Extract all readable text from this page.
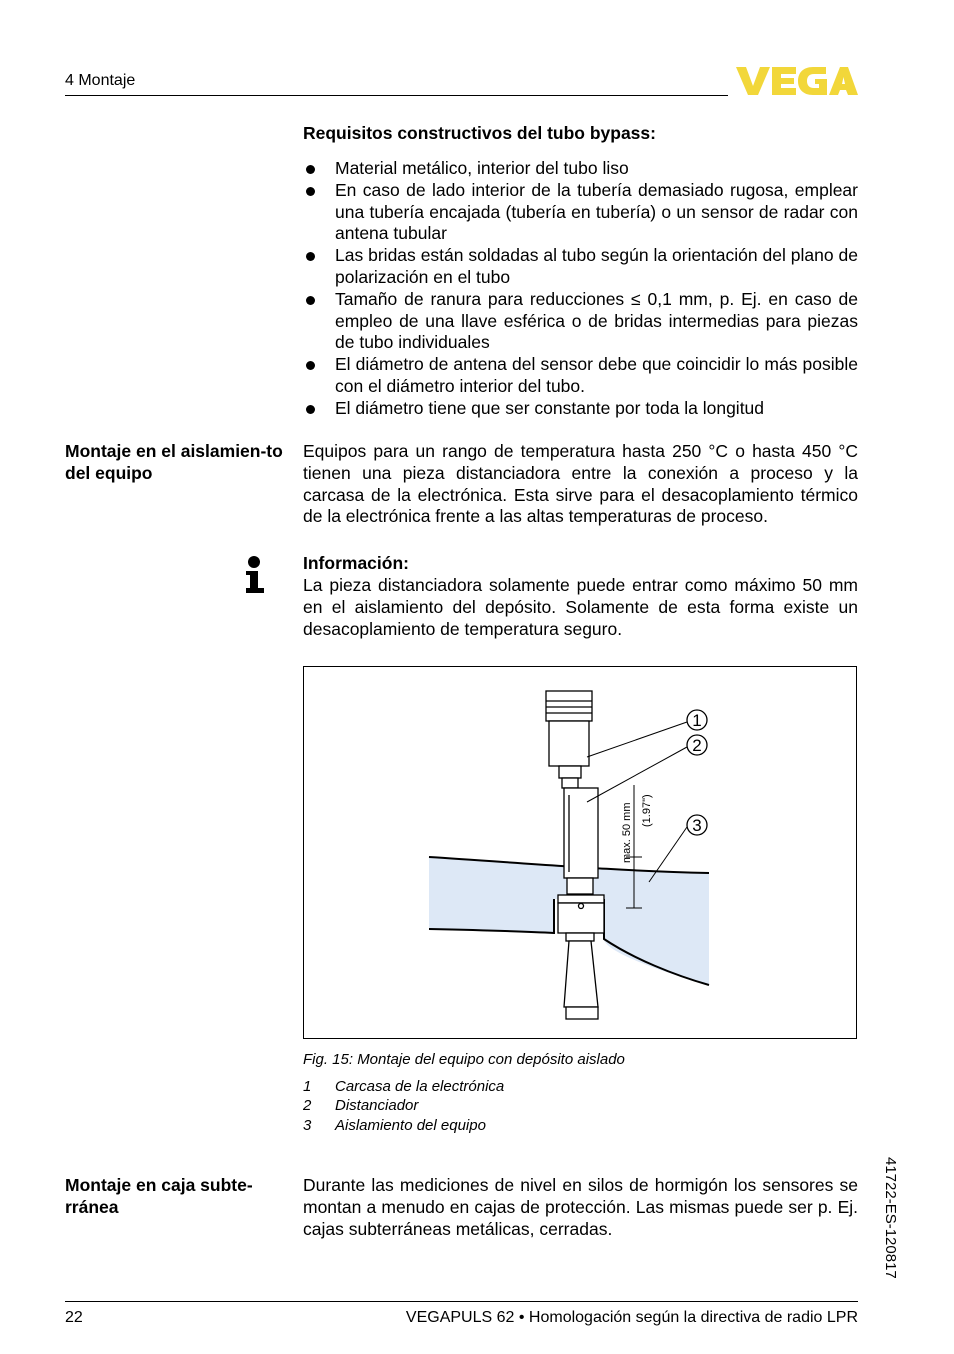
4 Montaje
Requisitos constructivos del tubo bypass:
Material metálico, interior del tubo liso
En caso de lado interior de la tubería demasiado rugosa, emplear una tubería encajada (tubería en tubería) o un sensor de radar con antena tubular
Las bridas están soldadas al tubo según la orientación del plano de polarización en el tubo
Tamaño de ranura para reducciones ≤ 0,1 mm, p. Ej. en caso de empleo de una llave esférica o de bridas intermedias para piezas de tubo individuales
El diámetro de antena del sensor debe que coincidir lo más posible con el diámetro interior del tubo.
El diámetro tiene que ser constante por toda la longitud
Montaje en el aislamien-to del equipo
Equipos para un rango de temperatura hasta 250 °C o hasta 450 °C tienen una pieza distanciadora entre la conexión a proceso y la carcasa de la electrónica. Esta sirve para el desacoplamiento térmico de la electrónica frente a las altas temperaturas de proceso.
Información:
La pieza distanciadora solamente puede entrar como máximo 50 mm en el aislamiento del depósito. Solamente de esta forma existe un desacoplamiento de temperatura seguro.
1
2
3
max. 50 mm (1.97")
Fig. 15: Montaje del equipo con depósito aislado
1 Carcasa de la electrónica
2 Distanciador
3 Aislamiento del equipo
Montaje en caja subte-rránea
Durante las mediciones de nivel en silos de hormigón los sensores se montan a menudo en cajas de protección. Las mismas puede ser p. Ej. cajas subterráneas metálicas, cerradas.	41722-ES-120817
22	VEGAPULS 62 • Homologación según la directiva de radio LPR
